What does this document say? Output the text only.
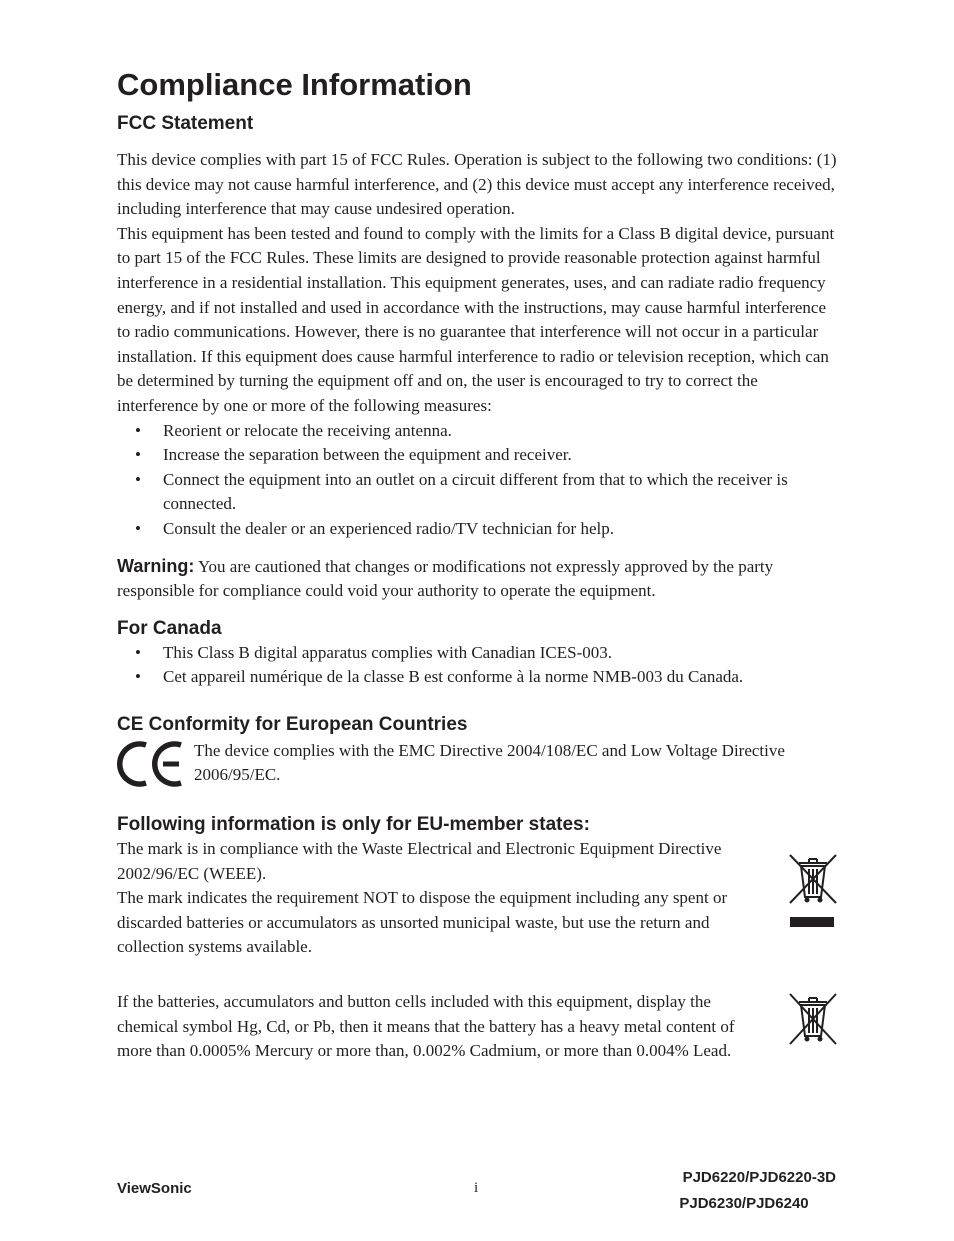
Compliance Information
FCC Statement

This device complies with part 15 of FCC Rules. Operation is subject to the following two conditions: (1) this device may not cause harmful interference, and (2) this device must accept any interference received, including interference that may cause undesired operation.

This equipment has been tested and found to comply with the limits for a Class B digital device, pursuant to part 15 of the FCC Rules. These limits are designed to provide reasonable protection against harmful interference in a residential installation. This equipment generates, uses, and can radiate radio frequency energy, and if not installed and used in accordance with the instructions, may cause harmful interference to radio communications. However, there is no guarantee that interference will not occur in a particular installation. If this equipment does cause harmful interference to radio or television reception, which can be determined by turning the equipment off and on, the user is encouraged to try to correct the interference by one or more of the following measures:

• Reorient or relocate the receiving antenna.
• Increase the separation between the equipment and receiver.
• Connect the equipment into an outlet on a circuit different from that to which the receiver is connected.
• Consult the dealer or an experienced radio/TV technician for help.

Warning: You are cautioned that changes or modifications not expressly approved by the party responsible for compliance could void your authority to operate the equipment.

For Canada
• This Class B digital apparatus complies with Canadian ICES-003.
• Cet appareil numérique de la classe B est conforme à la norme NMB-003 du Canada.
CE Conformity for European Countries

The device complies with the EMC Directive 2004/108/EC and Low Voltage Directive 2006/95/EC.

Following information is only for EU-member states:

The mark is in compliance with the Waste Electrical and Electronic Equipment Directive 2002/96/EC (WEEE).

The mark indicates the requirement NOT to dispose the equipment including any spent or discarded batteries or accumulators as unsorted municipal waste, but use the return and collection systems available.

If the batteries, accumulators and button cells included with this equipment, display the chemical symbol Hg, Cd, or Pb, then it means that the battery has a heavy metal content of more than 0.0005% Mercury or more than, 0.002% Cadmium, or more than 0.004% Lead.

ViewSonic	i
PJD6220/PJD6220-3D
PJD6230/PJD6240
